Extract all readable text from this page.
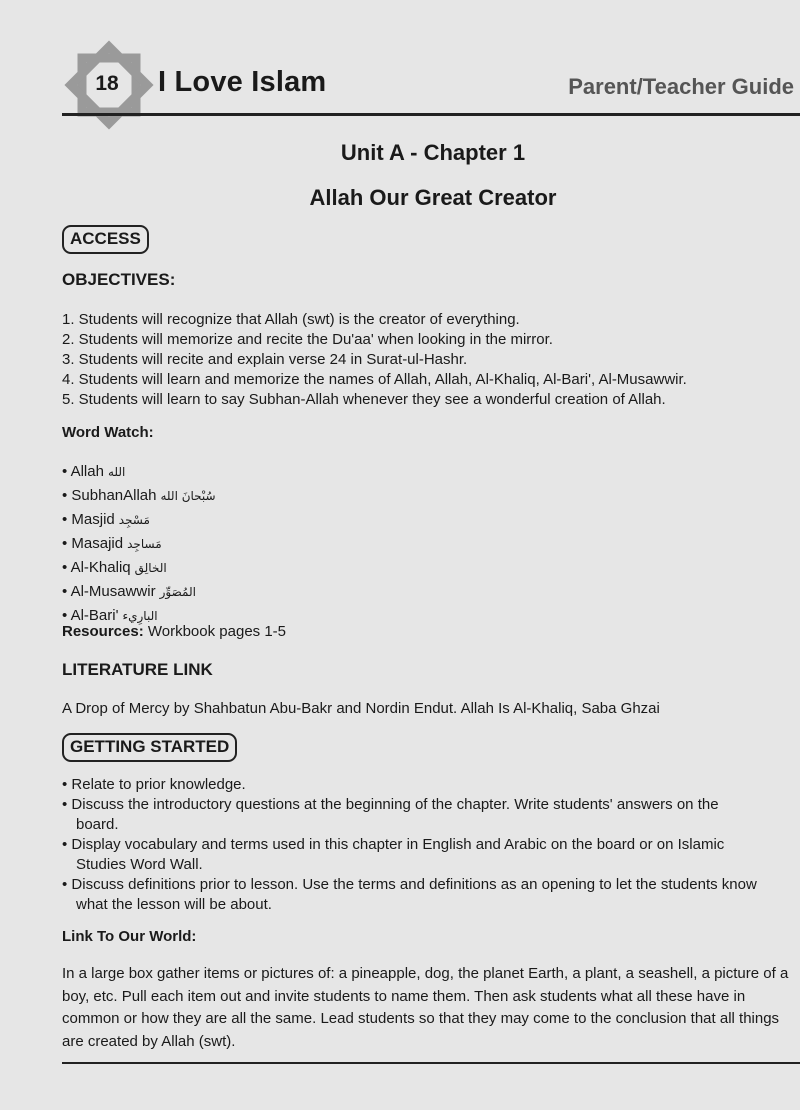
18	I Love Islam	Parent/Teacher Guide
Unit A - Chapter 1
Allah Our Great Creator
ACCESS
OBJECTIVES:
1. Students will recognize that Allah (swt) is the creator of everything.
2. Students will memorize and recite the Du'aa' when looking in the mirror.
3. Students will recite and explain verse 24 in Surat-ul-Hashr.
4. Students will learn and memorize the names of Allah, Allah, Al-Khaliq, Al-Bari', Al-Musawwir.
5. Students will learn to say Subhan-Allah whenever they see a wonderful creation of Allah.
Word Watch:
• Allah الله
• SubhanAllah سُبْحانَ الله
• Masjid مَسْجِد
• Masajid مَساجِد
• Al-Khaliq الخالِق
• Al-Musawwir المُصَوِّر
• Al-Bari' البارِيء
Resources: Workbook pages 1-5
LITERATURE LINK
A Drop of Mercy by Shahbatun Abu-Bakr and Nordin Endut. Allah Is Al-Khaliq, Saba Ghzai
GETTING STARTED
• Relate to prior knowledge.
• Discuss the introductory questions at the beginning of the chapter. Write students' answers on the board.
• Display vocabulary and terms used in this chapter in English and Arabic on the board or on Islamic Studies Word Wall.
• Discuss definitions prior to lesson. Use the terms and definitions as an opening to let the students know what the lesson will be about.
Link To Our World:
In a large box gather items or pictures of: a pineapple, dog, the planet Earth, a plant, a seashell, a picture of a boy, etc. Pull each item out and invite students to name them. Then ask students what all these have in common or how they are all the same. Lead students so that they may come to the conclusion that all things are created by Allah (swt).
